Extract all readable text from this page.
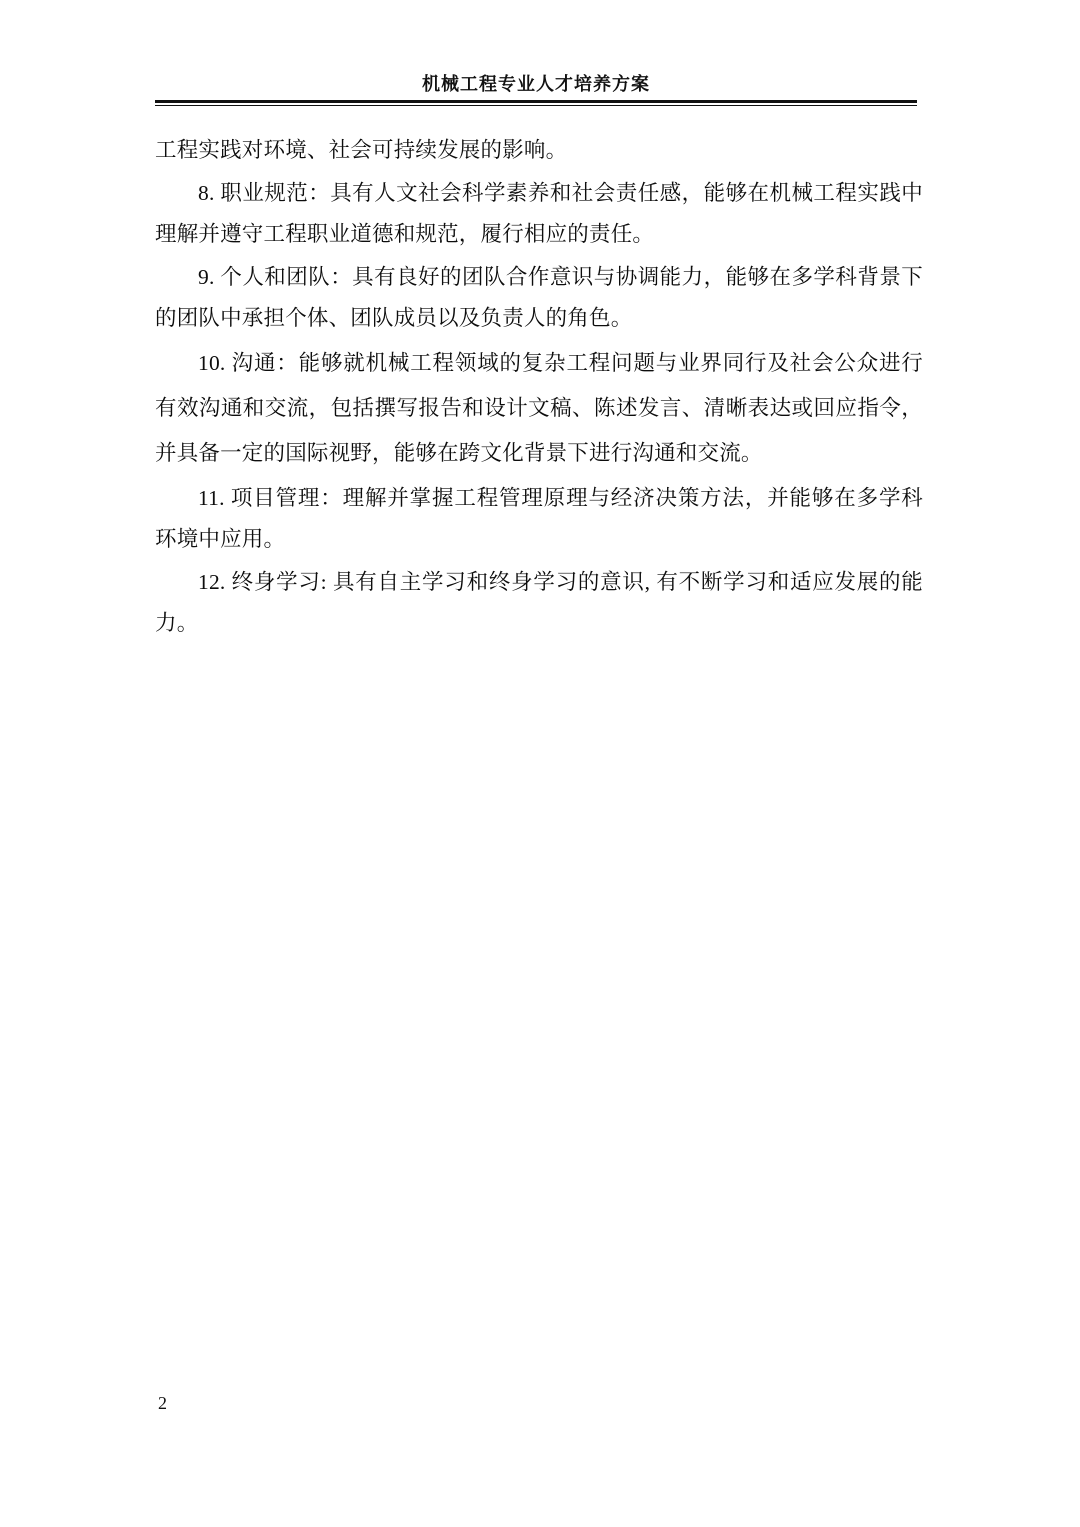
机械工程专业人才培养方案

工程实践对环境、社会可持续发展的影响。

8. 职业规范：具有人文社会科学素养和社会责任感，能够在机械工程实践中理解并遵守工程职业道德和规范，履行相应的责任。

9. 个人和团队：具有良好的团队合作意识与协调能力，能够在多学科背景下的团队中承担个体、团队成员以及负责人的角色。

10. 沟通：能够就机械工程领域的复杂工程问题与业界同行及社会公众进行有效沟通和交流，包括撰写报告和设计文稿、陈述发言、清晰表达或回应指令，并具备一定的国际视野，能够在跨文化背景下进行沟通和交流。

11. 项目管理：理解并掌握工程管理原理与经济决策方法，并能够在多学科环境中应用。

12. 终身学习: 具有自主学习和终身学习的意识, 有不断学习和适应发展的能力。

2
